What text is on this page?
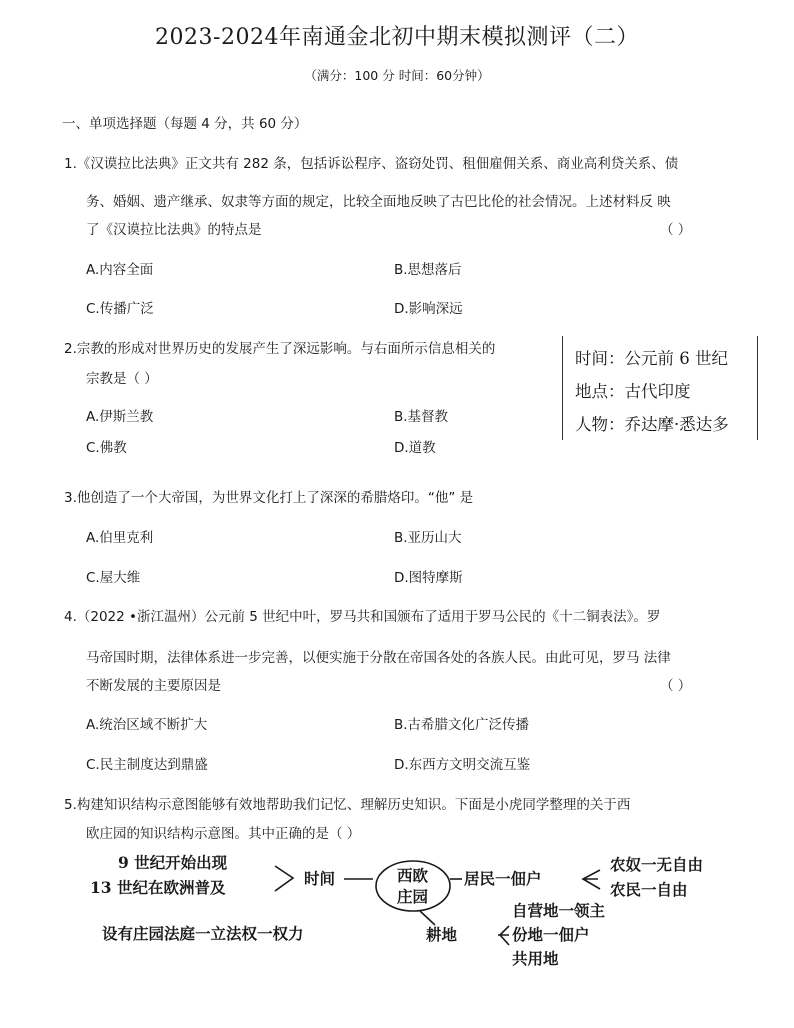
2023-2024年南通金北初中期末模拟测评（二）
（满分：100 分 时间：60分钟）
一、单项选择题（每题 4 分，共 60 分）
1.《汉谟拉比法典》正文共有 282 条，包括诉讼程序、盗窃处罚、租佃雇佣关系、商业高利贷关系、债
务、婚姻、遗产继承、奴隶等方面的规定，比较全面地反映了古巴比伦的社会情况。上述材料反 映
了《汉谟拉比法典》的特点是	（ ）
A.内容全面	B.思想落后
C.传播广泛	D.影响深远
2.宗教的形成对世界历史的发展产生了深远影响。与右面所示信息相关的
宗教是（ ）
A.伊斯兰教	B.基督教
C.佛教	D.道教
时间：公元前 6 世纪
地点：古代印度
人物：乔达摩·悉达多
3.他创造了一个大帝国，为世界文化打上了深深的希腊烙印。“他” 是
A.伯里克利	B.亚历山大
C.屋大维	D.图特摩斯
4.（2022 •浙江温州）公元前 5 世纪中叶，罗马共和国颁布了适用于罗马公民的《十二铜表法》。罗
马帝国时期，法律体系进一步完善，以便实施于分散在帝国各处的各族人民。由此可见，罗马 法律
不断发展的主要原因是	（ ）
A.统治区域不断扩大	B.古希腊文化广泛传播
C.民主制度达到鼎盛	D.东西方文明交流互鉴
5.构建知识结构示意图能够有效地帮助我们记忆、理解历史知识。下面是小虎同学整理的关于西
欧庄园的知识结构示意图。其中正确的是（ ）
9 世纪开始出现
13 世纪在欧洲普及	时间	西欧
庄园
居民一佃户
农奴一无自由
农民一自由
设有庄园法庭一立法权一权力	耕地
自营地一领主
份地一佃户
共用地
